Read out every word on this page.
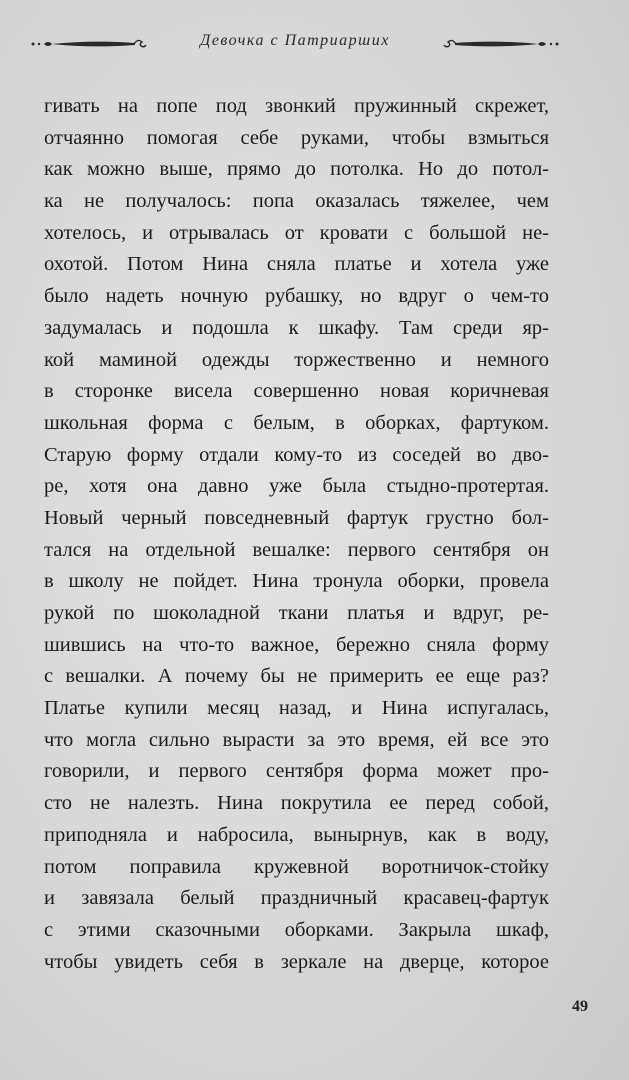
Девочка с Патриарших
гивать на попе под звонкий пружинный скрежет,
отчаянно помогая себе руками, чтобы взмыться
как можно выше, прямо до потолка. Но до потол-
ка не получалось: попа оказалась тяжелее, чем
хотелось, и отрывалась от кровати с большой не-
охотой. Потом Нина сняла платье и хотела уже
было надеть ночную рубашку, но вдруг о чем-то
задумалась и подошла к шкафу. Там среди яр-
кой маминой одежды торжественно и немного
в сторонке висела совершенно новая коричневая
школьная форма с белым, в оборках, фартуком.
Старую форму отдали кому-то из соседей во дво-
ре, хотя она давно уже была стыдно-протертая.
Новый черный повседневный фартук грустно бол-
тался на отдельной вешалке: первого сентября он
в школу не пойдет. Нина тронула оборки, провела
рукой по шоколадной ткани платья и вдруг, ре-
шившись на что-то важное, бережно сняла форму
с вешалки. А почему бы не примерить ее еще раз?
Платье купили месяц назад, и Нина испугалась,
что могла сильно вырасти за это время, ей все это
говорили, и первого сентября форма может про-
сто не налезть. Нина покрутила ее перед собой,
приподняла и набросила, вынырнув, как в воду,
потом поправила кружевной воротничок-стойку
и завязала белый праздничный красавец-фартук
с этими сказочными оборками. Закрыла шкаф,
чтобы увидеть себя в зеркале на дверце, которое
49
